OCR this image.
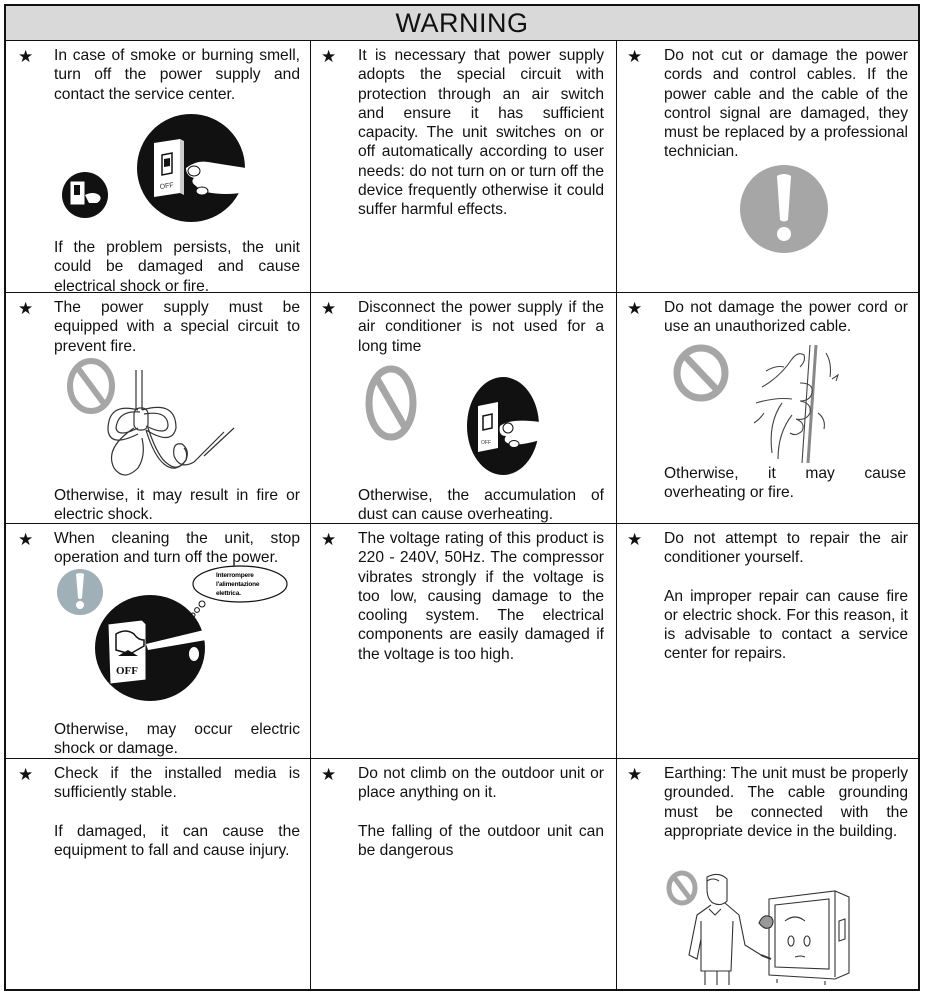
WARNING
★ In case of smoke or burning smell, turn off the power supply and contact the service center.
OFF
If the problem persists, the unit could be damaged and cause electrical shock or fire.
★ It is necessary that power supply adopts the special circuit with protection through an air switch and ensure it has sufficient capacity. The unit switches on or off automatically according to user needs: do not turn on or turn off the device frequently otherwise it could suffer harmful effects.
★ Do not cut or damage the power cords and control cables. If the power cable and the cable of the control signal are damaged, they must be replaced by a professional technician.
★ The power supply must be equipped with a special circuit to prevent fire.
Otherwise, it may result in fire or electric shock.
★ Disconnect the power supply if the air conditioner is not used for a long time
OFF
Otherwise, the accumulation of dust can cause overheating.
★ Do not damage the power cord or use an unauthorized cable.
Otherwise, it may cause overheating or fire.
★ When cleaning the unit, stop operation and turn off the power.
Interrompere
l'alimentazione
elettrica.
OFF
Otherwise, may occur electric shock or damage.
★ The voltage rating of this product is 220 - 240V, 50Hz. The compressor vibrates strongly if the voltage is too low, causing damage to the cooling system. The electrical components are easily damaged if the voltage is too high.
★ Do not attempt to repair the air conditioner yourself.
An improper repair can cause fire or electric shock. For this reason, it is advisable to contact a service center for repairs.
★ Check if the installed media is sufficiently stable.
If damaged, it can cause the equipment to fall and cause injury.
★ Do not climb on the outdoor unit or place anything on it.
The falling of the outdoor unit can be dangerous
★ Earthing: The unit must be properly grounded. The cable grounding must be connected with the appropriate device in the building.
